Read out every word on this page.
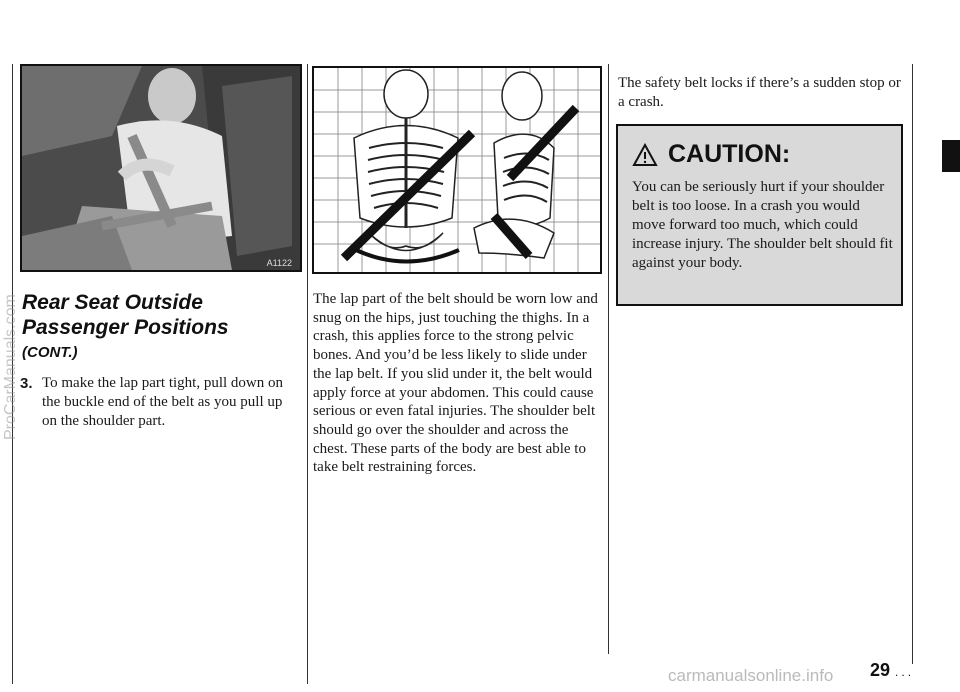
A1122
Rear Seat Outside Passenger Positions
(CONT.)
3. To make the lap part tight, pull down on the buckle end of the belt as you pull up on the shoulder part.

The lap part of the belt should be worn low and snug on the hips, just touching the thighs. In a crash, this applies force to the strong pelvic bones. And you’d be less likely to slide under the lap belt. If you slid under it, the belt would apply force at your abdomen. This could cause serious or even fatal injuries. The shoulder belt should go over the shoulder and across the chest. These parts of the body are best able to take belt restraining forces.

The safety belt locks if there’s a sudden stop or a crash.

CAUTION:

You can be seriously hurt if your shoulder belt is too loose. In a crash you would move forward too much, which could increase injury. The shoulder belt should fit against your body.

29 ...
ProCarManuals.com
carmanualsonline.info
